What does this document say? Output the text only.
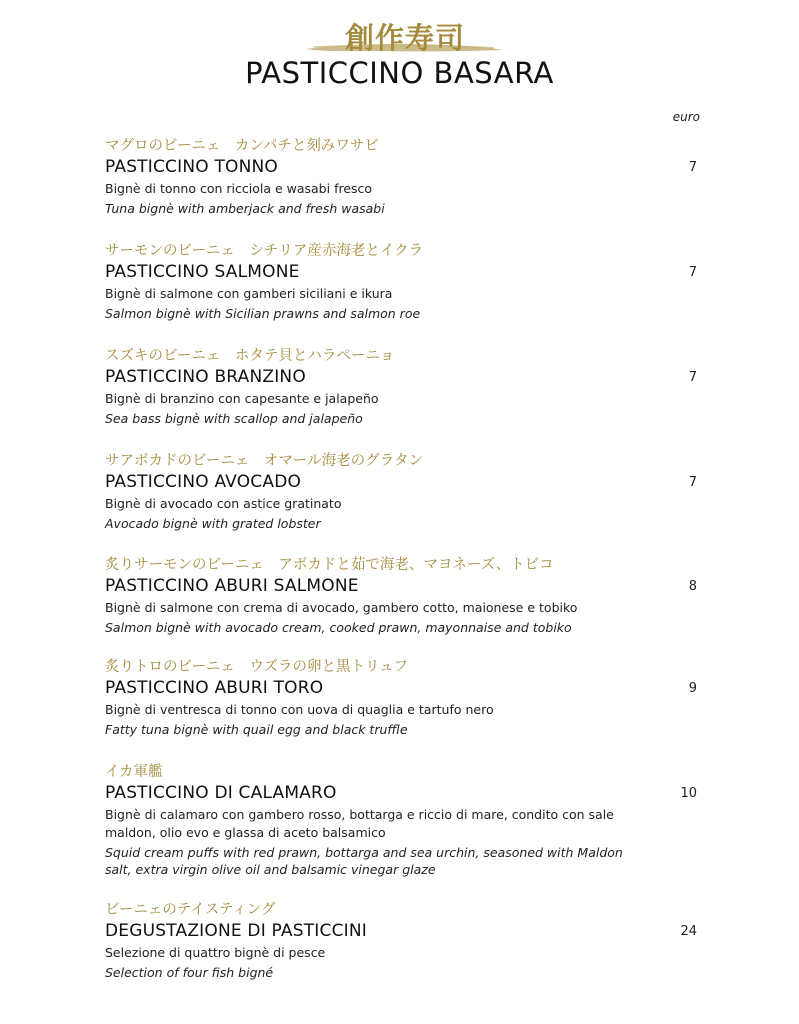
創作寿司
PASTICCINO BASARA
euro
マグロのビーニェ　カンパチと刻みワサビ
PASTICCINO TONNO
Bignè di tonno con ricciola e wasabi fresco
Tuna bignè with amberjack and fresh wasabi
7
サーモンのビーニェ　シチリア産赤海老とイクラ
PASTICCINO SALMONE
Bignè di salmone con gamberi siciliani e ikura
Salmon bignè with Sicilian prawns and salmon roe
7
スズキのビーニェ　ホタテ貝とハラペーニョ
PASTICCINO BRANZINO
Bignè di branzino con capesante e jalapeño
Sea bass bignè with scallop and jalapeño
7
サアボカドのビーニェ　オマール海老のグラタン
PASTICCINO AVOCADO
Bignè di avocado con astice gratinato
Avocado bignè with grated lobster
7
炙りサーモンのビーニェ　アボカドと茹で海老、マヨネーズ、トビコ
PASTICCINO ABURI SALMONE
Bignè di salmone con crema di avocado, gambero cotto, maionese e tobiko
Salmon bignè with avocado cream, cooked prawn, mayonnaise and tobiko
8
炙りトロのビーニェ　ウズラの卵と黒トリュフ
PASTICCINO ABURI TORO
Bignè di ventresca di tonno con uova di quaglia e tartufo nero
Fatty tuna bignè with quail egg and black truffle
9
イカ軍艦
PASTICCINO DI CALAMARO
Bignè di calamaro con gambero rosso, bottarga e riccio di mare, condito con sale maldon, olio evo e glassa di aceto balsamico
Squid cream puffs with red prawn, bottarga and sea urchin, seasoned with Maldon salt, extra virgin olive oil and balsamic vinegar glaze
10
ビーニェのテイスティング
DEGUSTAZIONE DI PASTICCINI
Selezione di quattro bignè di pesce
Selection of four fish bigné
24
